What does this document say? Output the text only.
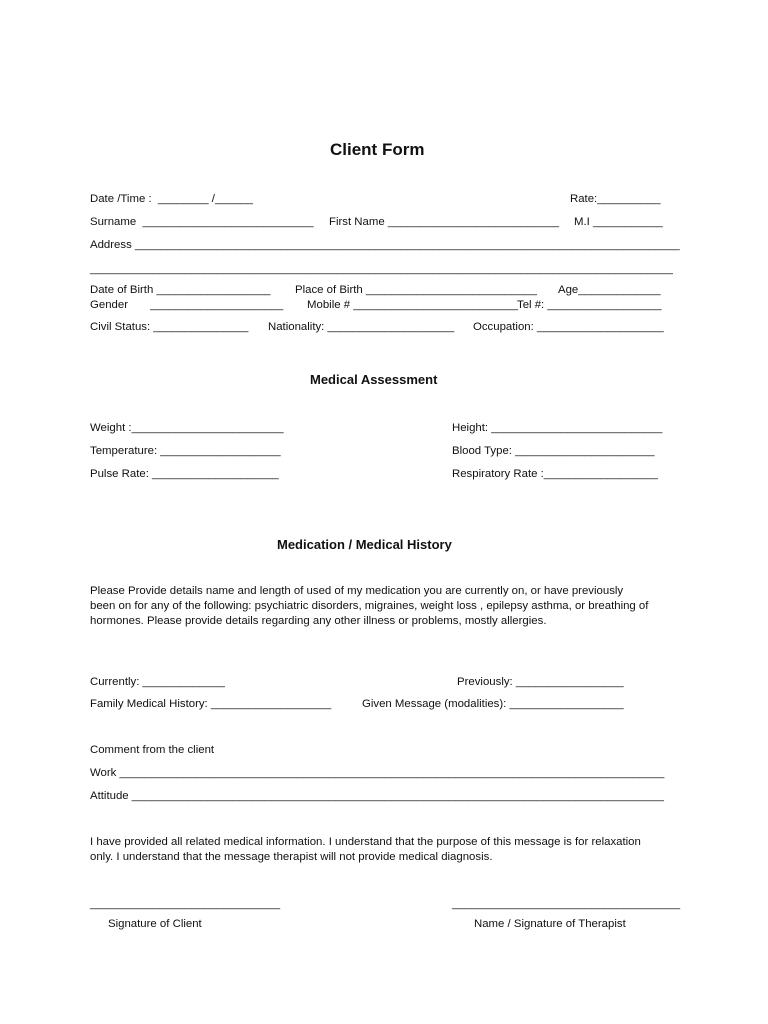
Client Form
Date /Time :  ________ /______	Rate:__________
Surname  ___________________________ First Name ___________________________ M.I ___________
Address ______________________________________________________________________________________
____________________________________________________________________________________________
Date of Birth __________________ Place of Birth ___________________________ Age_____________
Gender       _____________________ Mobile # __________________________ Tel #: __________________
Civil Status: _______________ Nationality: ____________________ Occupation: ____________________
Medical Assessment
Weight :________________________	Height: ___________________________
Temperature: ___________________	Blood Type: ______________________
Pulse Rate: ____________________	Respiratory Rate :__________________
Medication / Medical History
Please Provide details name and length of used of my medication you are currently on, or have previously been on for any of the following: psychiatric disorders, migraines, weight loss , epilepsy asthma, or breathing of hormones. Please provide details regarding any other illness or problems, mostly allergies.
Currently: _____________	Previously: _________________
Family Medical History: ___________________	Given Message (modalities): __________________
Comment from the client
Work ______________________________________________________________________________________
Attitude ____________________________________________________________________________________
I have provided all related medical information. I understand that the purpose of this message is for relaxation only. I understand that the message therapist will not provide medical diagnosis.
______________________________
Signature of Client
____________________________________
Name / Signature of Therapist
